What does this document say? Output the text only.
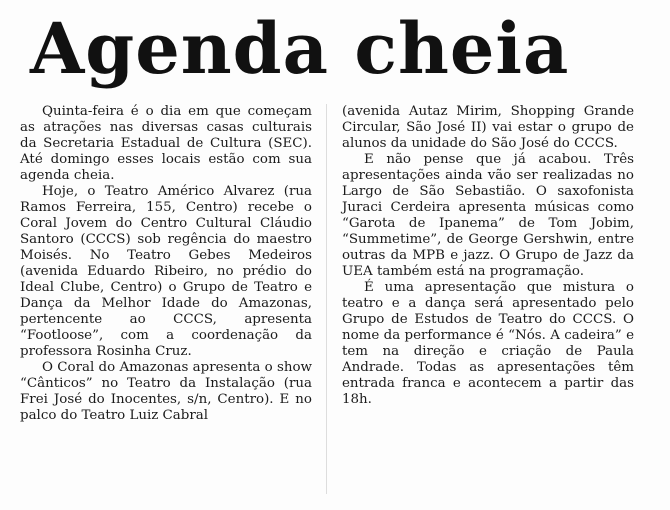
Agenda cheia

Quinta-feira é o dia em que começam as atrações nas diversas casas culturais da Secretaria Estadual de Cultura (SEC). Até domingo esses locais estão com sua agenda cheia.

Hoje, o Teatro Américo Alvarez (rua Ramos Ferreira, 155, Centro) recebe o Coral Jovem do Centro Cultural Cláudio Santoro (CCCS) sob regência do maestro Moisés. No Teatro Gebes Medeiros (avenida Eduardo Ribeiro, no prédio do Ideal Clube, Centro) o Grupo de Teatro e Dança da Melhor Idade do Amazonas, pertencente ao CCCS, apresenta “Footloose”, com a coordenação da professora Rosinha Cruz.

O Coral do Amazonas apresenta o show “Cânticos” no Teatro da Instalação (rua Frei José do Inocentes, s/n, Centro). E no palco do Teatro Luiz Cabral

(avenida Autaz Mirim, Shopping Grande Circular, São José II) vai estar o grupo de alunos da unidade do São José do CCCS.

E não pense que já acabou. Três apresentações ainda vão ser realizadas no Largo de São Sebastião. O saxofonista Juraci Cerdeira apresenta músicas como “Garota de Ipanema” de Tom Jobim, “Summetime”, de George Gershwin, entre outras da MPB e jazz. O Grupo de Jazz da UEA também está na programação.

É uma apresentação que mistura o teatro e a dança será apresentado pelo Grupo de Estudos de Teatro do CCCS. O nome da performance é “Nós. A cadeira” e tem na direção e criação de Paula Andrade. Todas as apresentações têm entrada franca e acontecem a partir das 18h.
